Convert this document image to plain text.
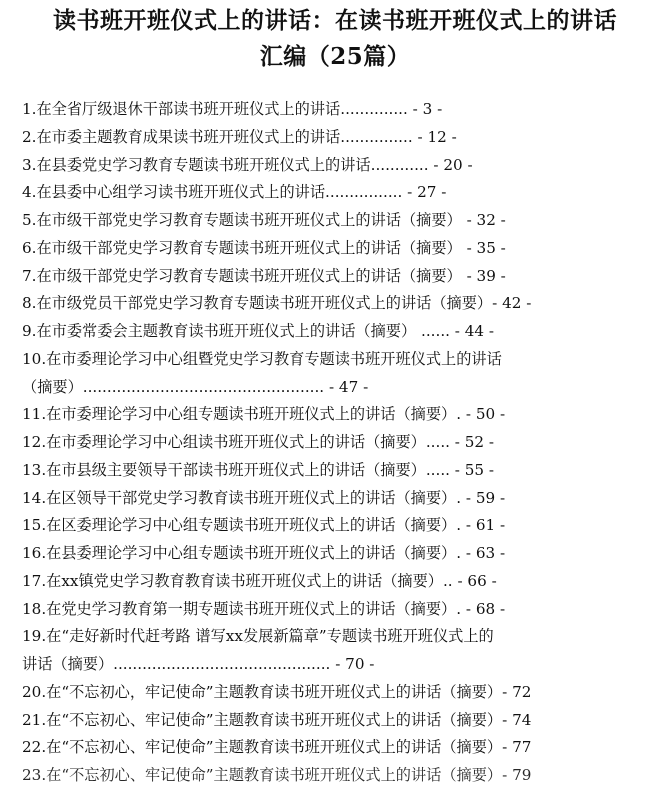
读书班开班仪式上的讲话：在读书班开班仪式上的讲话
汇编（25篇）
1.在全省厅级退休干部读书班开班仪式上的讲话.............. - 3 -
2.在市委主题教育成果读书班开班仪式上的讲话............... - 12 -
3.在县委党史学习教育专题读书班开班仪式上的讲话............ - 20 -
4.在县委中心组学习读书班开班仪式上的讲话................ - 27 -
5.在市级干部党史学习教育专题读书班开班仪式上的讲话（摘要） - 32 -
6.在市级干部党史学习教育专题读书班开班仪式上的讲话（摘要） - 35 -
7.在市级干部党史学习教育专题读书班开班仪式上的讲话（摘要） - 39 -
8.在市级党员干部党史学习教育专题读书班开班仪式上的讲话（摘要）- 42 -
9.在市委常委会主题教育读书班开班仪式上的讲话（摘要） ...... - 44 -
10.在市委理论学习中心组暨党史学习教育专题读书班开班仪式上的讲话
（摘要）.................................................. - 47 -
11.在市委理论学习中心组专题读书班开班仪式上的讲话（摘要）. - 50 -
12.在市委理论学习中心组读书班开班仪式上的讲话（摘要）..... - 52 -
13.在市县级主要领导干部读书班开班仪式上的讲话（摘要）..... - 55 -
14.在区领导干部党史学习教育读书班开班仪式上的讲话（摘要）. - 59 -
15.在区委理论学习中心组专题读书班开班仪式上的讲话（摘要）. - 61 -
16.在县委理论学习中心组专题读书班开班仪式上的讲话（摘要）. - 63 -
17.在xx镇党史学习教育教育读书班开班仪式上的讲话（摘要）.. - 66 -
18.在党史学习教育第一期专题读书班开班仪式上的讲话（摘要）. - 68 -
19.在“走好新时代赶考路 谱写xx发展新篇章”专题读书班开班仪式上的
讲话（摘要）............................................. - 70 -
20.在“不忘初心，牢记使命”主题教育读书班开班仪式上的讲话（摘要）- 72
21.在“不忘初心、牢记使命”主题教育读书班开班仪式上的讲话（摘要）- 74
22.在“不忘初心、牢记使命”主题教育读书班开班仪式上的讲话（摘要）- 77
23.在“不忘初心、牢记使命”主题教育读书班开班仪式上的讲话（摘要）- 79
